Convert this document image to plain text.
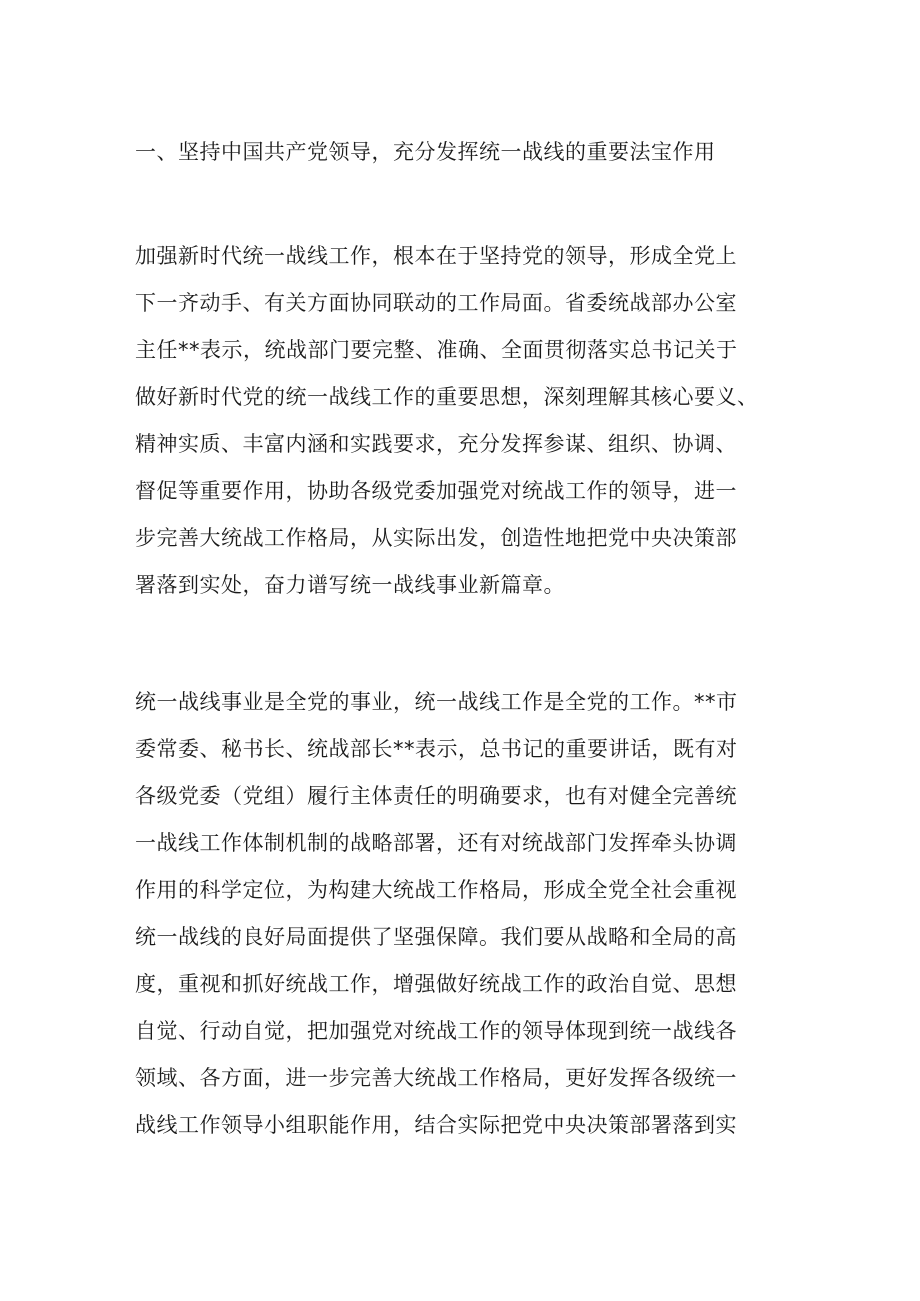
一、坚持中国共产党领导，充分发挥统一战线的重要法宝作用
加强新时代统一战线工作，根本在于坚持党的领导，形成全党上
下一齐动手、有关方面协同联动的工作局面。省委统战部办公室
主任**表示，统战部门要完整、准确、全面贯彻落实总书记关于
做好新时代党的统一战线工作的重要思想，深刻理解其核心要义、
精神实质、丰富内涵和实践要求，充分发挥参谋、组织、协调、
督促等重要作用，协助各级党委加强党对统战工作的领导，进一
步完善大统战工作格局，从实际出发，创造性地把党中央决策部
署落到实处，奋力谱写统一战线事业新篇章。
统一战线事业是全党的事业，统一战线工作是全党的工作。**市
委常委、秘书长、统战部长**表示，总书记的重要讲话，既有对
各级党委（党组）履行主体责任的明确要求，也有对健全完善统
一战线工作体制机制的战略部署，还有对统战部门发挥牵头协调
作用的科学定位，为构建大统战工作格局，形成全党全社会重视
统一战线的良好局面提供了坚强保障。我们要从战略和全局的高
度，重视和抓好统战工作，增强做好统战工作的政治自觉、思想
自觉、行动自觉，把加强党对统战工作的领导体现到统一战线各
领域、各方面，进一步完善大统战工作格局，更好发挥各级统一
战线工作领导小组职能作用，结合实际把党中央决策部署落到实
